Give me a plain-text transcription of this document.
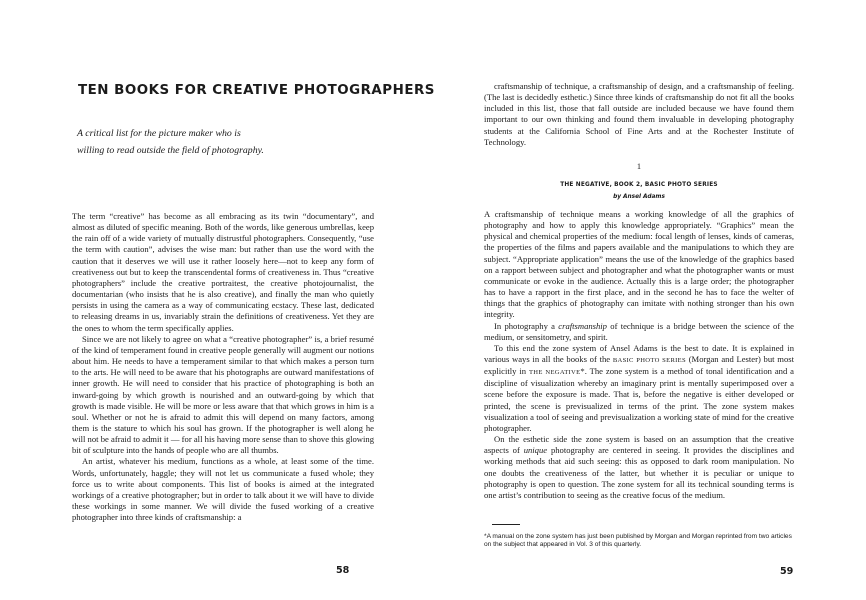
TEN BOOKS FOR CREATIVE PHOTOGRAPHERS
A critical list for the picture maker who is
willing to read outside the field of photography.

The term “creative” has become as all embracing as its twin “documentary”, and almost as diluted of specific meaning. Both of the words, like generous umbrellas, keep the rain off of a wide variety of mutually distrustful photographers. Consequently, “use the term with caution”, advises the wise man: but rather than use the word with the caution that it deserves we will use it rather loosely here—not to keep any form of creativeness out but to keep the transcendental forms of creativeness in. Thus “creative photographers” include the creative portraitest, the creative photojournalist, the documentarian (who insists that he is also creative), and finally the man who quietly persists in using the camera as a way of communicating ecstacy. These last, dedicated to releasing dreams in us, invariably strain the definitions of creativeness. Yet they are the ones to whom the term specifically applies.

Since we are not likely to agree on what a “creative photographer” is, a brief resumé of the kind of temperament found in creative people generally will augment our notions about him. He needs to have a temperament similar to that which makes a person turn to the arts. He will need to be aware that his photographs are outward manifestations of inner growth. He will need to consider that his practice of photographing is both an inward-going by which growth is nourished and an outward-going by which that growth is made visible. He will be more or less aware that that which grows in him is a soul. Whether or not he is afraid to admit this will depend on many factors, among them is the stature to which his soul has grown. If the photographer is well along he will not be afraid to admit it — for all his having more sense than to shove this glowing bit of sculpture into the hands of people who are all thumbs.

An artist, whatever his medium, functions as a whole, at least some of the time. Words, unfortunately, haggle; they will not let us communicate a fused whole; they force us to write about components. This list of books is aimed at the integrated workings of a creative photographer; but in order to talk about it we will have to divide these workings in some manner. We will divide the fused working of a creative photographer into three kinds of craftsmanship: a

58

craftsmanship of technique, a craftsmanship of design, and a craftsmanship of feeling. (The last is decidedly esthetic.) Since three kinds of craftsmanship do not fit all the books included in this list, those that fall outside are included because we have found them important to our own thinking and found them invaluable in developing photography students at the California School of Fine Arts and at the Rochester Institute of Technology.

1
THE NEGATIVE, BOOK 2, BASIC PHOTO SERIES
by Ansel Adams

A craftsmanship of technique means a working knowledge of all the graphics of photography and how to apply this knowledge appropriately. “Graphics” mean the physical and chemical properties of the medium: focal length of lenses, kinds of cameras, the properties of the films and papers available and the manipulations to which they are subject. “Appropriate application” means the use of the knowledge of the graphics based on a rapport between subject and photographer and what the photographer wants or must communicate or evoke in the audience. Actually this is a large order; the photographer has to have a rapport in the first place, and in the second he has to face the welter of things that the graphics of photography can imitate with nothing stronger than his own integrity.

In photography a craftsmanship of technique is a bridge between the science of the medium, or sensitometry, and spirit.

To this end the zone system of Ansel Adams is the best to date. It is explained in various ways in all the books of the BASIC PHOTO SERIES (Morgan and Lester) but most explicitly in THE NEGATIVE*. The zone system is a method of tonal identification and a discipline of visualization whereby an imaginary print is mentally superimposed over a scene before the exposure is made. That is, before the negative is either developed or printed, the scene is previsualized in terms of the print. The zone system makes visualization a tool of seeing and previsualization a working state of mind for the creative photographer.

On the esthetic side the zone system is based on an assumption that the creative aspects of unique photography are centered in seeing. It provides the disciplines and working methods that aid such seeing: this as opposed to dark room manipulation. No one doubts the creativeness of the latter, but whether it is peculiar or unique to photography is open to question. The zone system for all its technical sounding terms is one artist’s contribution to seeing as the creative focus of the medium.

*A manual on the zone system has just been published by Morgan and Morgan reprinted from two articles on the subject that appeared in Vol. 3 of this quarterly.
59
